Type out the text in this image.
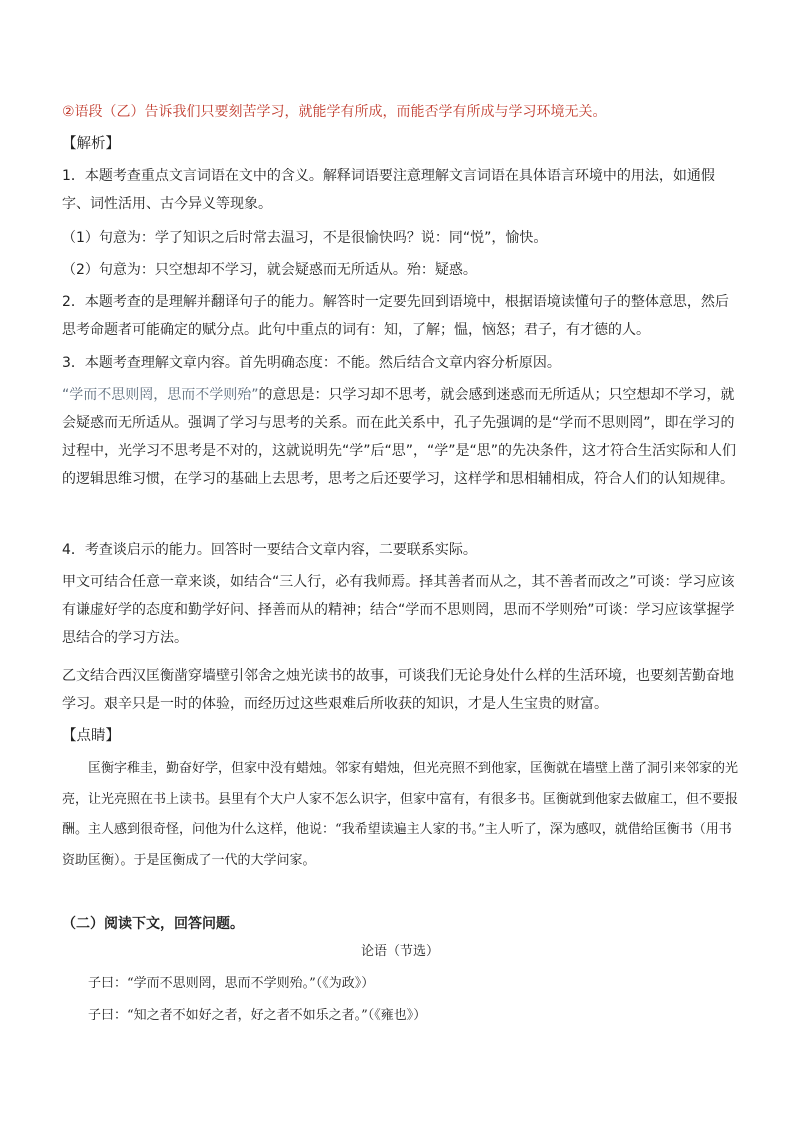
②语段（乙）告诉我们只要刻苦学习，就能学有所成，而能否学有所成与学习环境无关。

【解析】

1．本题考查重点文言词语在文中的含义。解释词语要注意理解文言词语在具体语言环境中的用法，如通假字、词性活用、古今异义等现象。

（1）句意为：学了知识之后时常去温习，不是很愉快吗？说：同“悦”，愉快。

（2）句意为：只空想却不学习，就会疑惑而无所适从。殆：疑惑。

2．本题考查的是理解并翻译句子的能力。解答时一定要先回到语境中，根据语境读懂句子的整体意思，然后思考命题者可能确定的赋分点。此句中重点的词有：知，了解；愠，恼怒；君子，有才德的人。

3．本题考查理解文章内容。首先明确态度：不能。然后结合文章内容分析原因。

“学而不思则罔，思而不学则殆”的意思是：只学习却不思考，就会感到迷惑而无所适从；只空想却不学习，就会疑惑而无所适从。强调了学习与思考的关系。而在此关系中，孔子先强调的是“学而不思则罔”，即在学习的过程中，光学习不思考是不对的，这就说明先“学”后“思”，“学”是“思”的先决条件，这才符合生活实际和人们的逻辑思维习惯，在学习的基础上去思考，思考之后还要学习，这样学和思相辅相成，符合人们的认知规律。

4．考查谈启示的能力。回答时一要结合文章内容，二要联系实际。

甲文可结合任意一章来谈，如结合“三人行，必有我师焉。择其善者而从之，其不善者而改之”可谈：学习应该有谦虚好学的态度和勤学好问、择善而从的精神；结合“学而不思则罔，思而不学则殆”可谈：学习应该掌握学思结合的学习方法。

乙文结合西汉匡衡凿穿墙壁引邻舍之烛光读书的故事，可谈我们无论身处什么样的生活环境，也要刻苦勤奋地学习。艰辛只是一时的体验，而经历过这些艰难后所收获的知识，才是人生宝贵的财富。

【点睛】

匡衡字稚圭，勤奋好学，但家中没有蜡烛。邻家有蜡烛，但光亮照不到他家，匡衡就在墙壁上凿了洞引来邻家的光亮，让光亮照在书上读书。县里有个大户人家不怎么识字，但家中富有，有很多书。匡衡就到他家去做雇工，但不要报酬。主人感到很奇怪，问他为什么这样，他说：“我希望读遍主人家的书。”主人听了，深为感叹，就借给匡衡书（用书资助匡衡）。于是匡衡成了一代的大学问家。

（二）阅读下文，回答问题。

论语（节选）
子曰：“学而不思则罔，思而不学则殆。”（《为政》）
子曰：“知之者不如好之者，好之者不如乐之者。”（《雍也》）
